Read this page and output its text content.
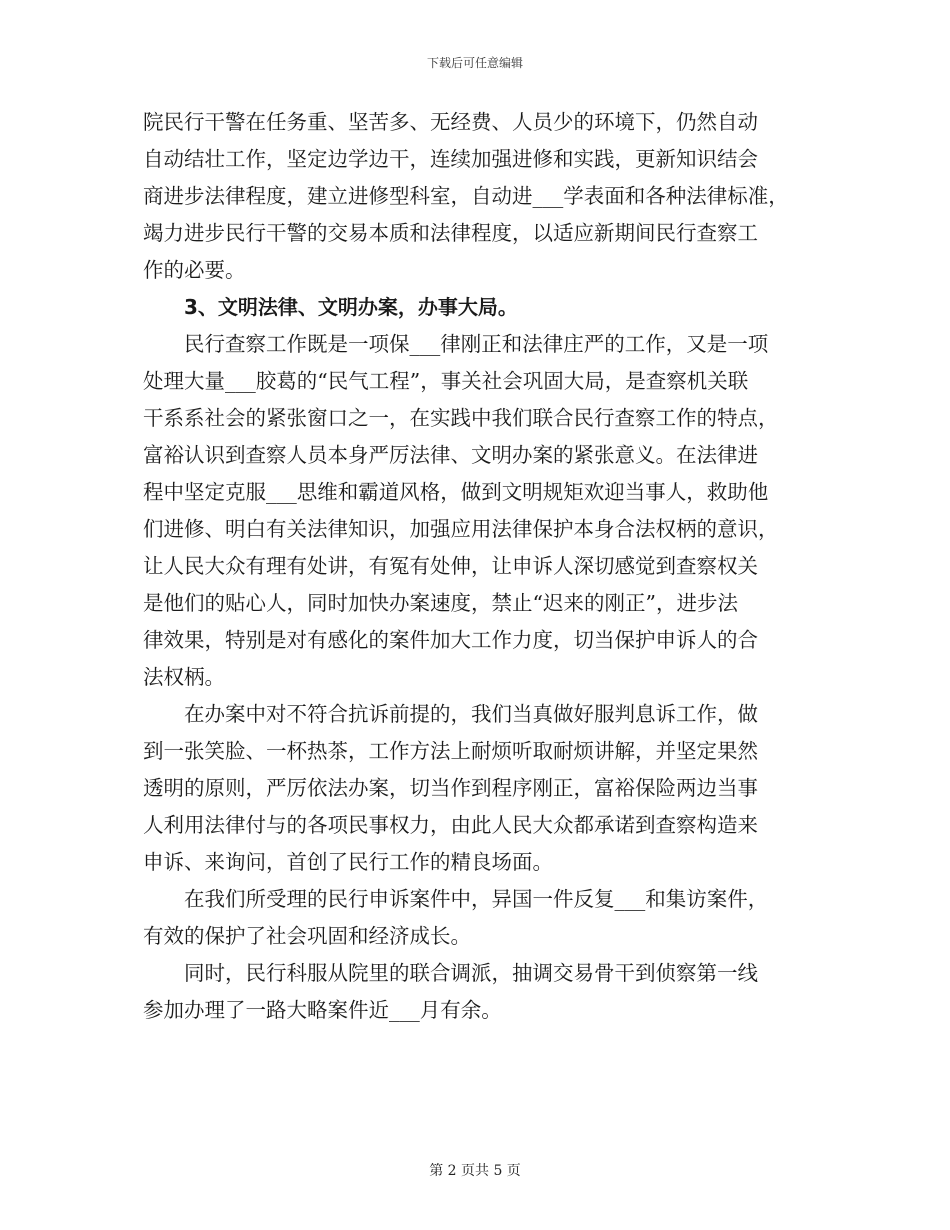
下载后可任意编辑
院民行干警在任务重、坚苦多、无经费、人员少的环境下，仍然自动
自动结壮工作，坚定边学边干，连续加强进修和实践，更新知识结会
商进步法律程度，建立进修型科室，自动进___学表面和各种法律标准，
竭力进步民行干警的交易本质和法律程度，以适应新期间民行查察工
作的必要。
3、文明法律、文明办案，办事大局。
民行查察工作既是一项保___律刚正和法律庄严的工作，又是一项
处理大量___胶葛的“民气工程”，事关社会巩固大局，是查察机关联
干系系社会的紧张窗口之一，在实践中我们联合民行查察工作的特点，
富裕认识到查察人员本身严厉法律、文明办案的紧张意义。在法律进
程中坚定克服___思维和霸道风格，做到文明规矩欢迎当事人，救助他
们进修、明白有关法律知识，加强应用法律保护本身合法权柄的意识，
让人民大众有理有处讲，有冤有处伸，让申诉人深切感觉到查察权关
是他们的贴心人，同时加快办案速度，禁止“迟来的刚正”，进步法
律效果，特别是对有感化的案件加大工作力度，切当保护申诉人的合
法权柄。
在办案中对不符合抗诉前提的，我们当真做好服判息诉工作，做
到一张笑脸、一杯热茶，工作方法上耐烦听取耐烦讲解，并坚定果然
透明的原则，严厉依法办案，切当作到程序刚正，富裕保险两边当事
人利用法律付与的各项民事权力，由此人民大众都承诺到查察构造来
申诉、来询问，首创了民行工作的精良场面。
在我们所受理的民行申诉案件中，异国一件反复___和集访案件，
有效的保护了社会巩固和经济成长。
同时，民行科服从院里的联合调派，抽调交易骨干到侦察第一线
参加办理了一路大略案件近___月有余。
第 2 页共 5 页
